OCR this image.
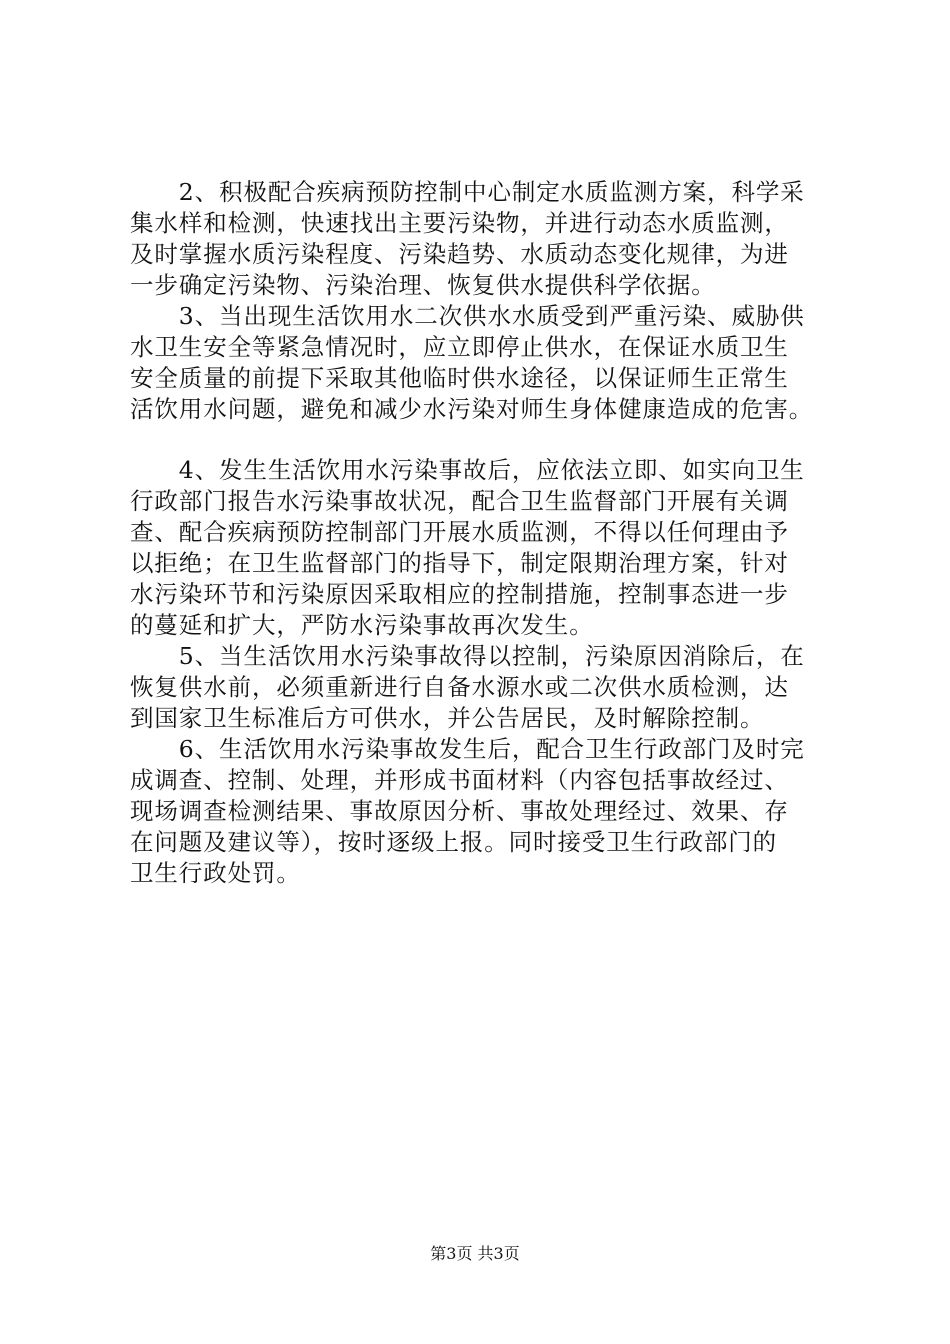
　　2、积极配合疾病预防控制中心制定水质监测方案，科学采
集水样和检测，快速找出主要污染物，并进行动态水质监测，
及时掌握水质污染程度、污染趋势、水质动态变化规律，为进
一步确定污染物、污染治理、恢复供水提供科学依据。
　　3、当出现生活饮用水二次供水水质受到严重污染、威胁供
水卫生安全等紧急情况时，应立即停止供水，在保证水质卫生
安全质量的前提下采取其他临时供水途径，以保证师生正常生
活饮用水问题，避免和减少水污染对师生身体健康造成的危害。
　　4、发生生活饮用水污染事故后，应依法立即、如实向卫生
行政部门报告水污染事故状况，配合卫生监督部门开展有关调
查、配合疾病预防控制部门开展水质监测，不得以任何理由予
以拒绝；在卫生监督部门的指导下，制定限期治理方案，针对
水污染环节和污染原因采取相应的控制措施，控制事态进一步
的蔓延和扩大，严防水污染事故再次发生。
　　5、当生活饮用水污染事故得以控制，污染原因消除后，在
恢复供水前，必须重新进行自备水源水或二次供水质检测，达
到国家卫生标准后方可供水，并公告居民，及时解除控制。
　　6、生活饮用水污染事故发生后，配合卫生行政部门及时完
成调查、控制、处理，并形成书面材料（内容包括事故经过、
现场调查检测结果、事故原因分析、事故处理经过、效果、存
在问题及建议等），按时逐级上报。同时接受卫生行政部门的
卫生行政处罚。
第3页 共3页
